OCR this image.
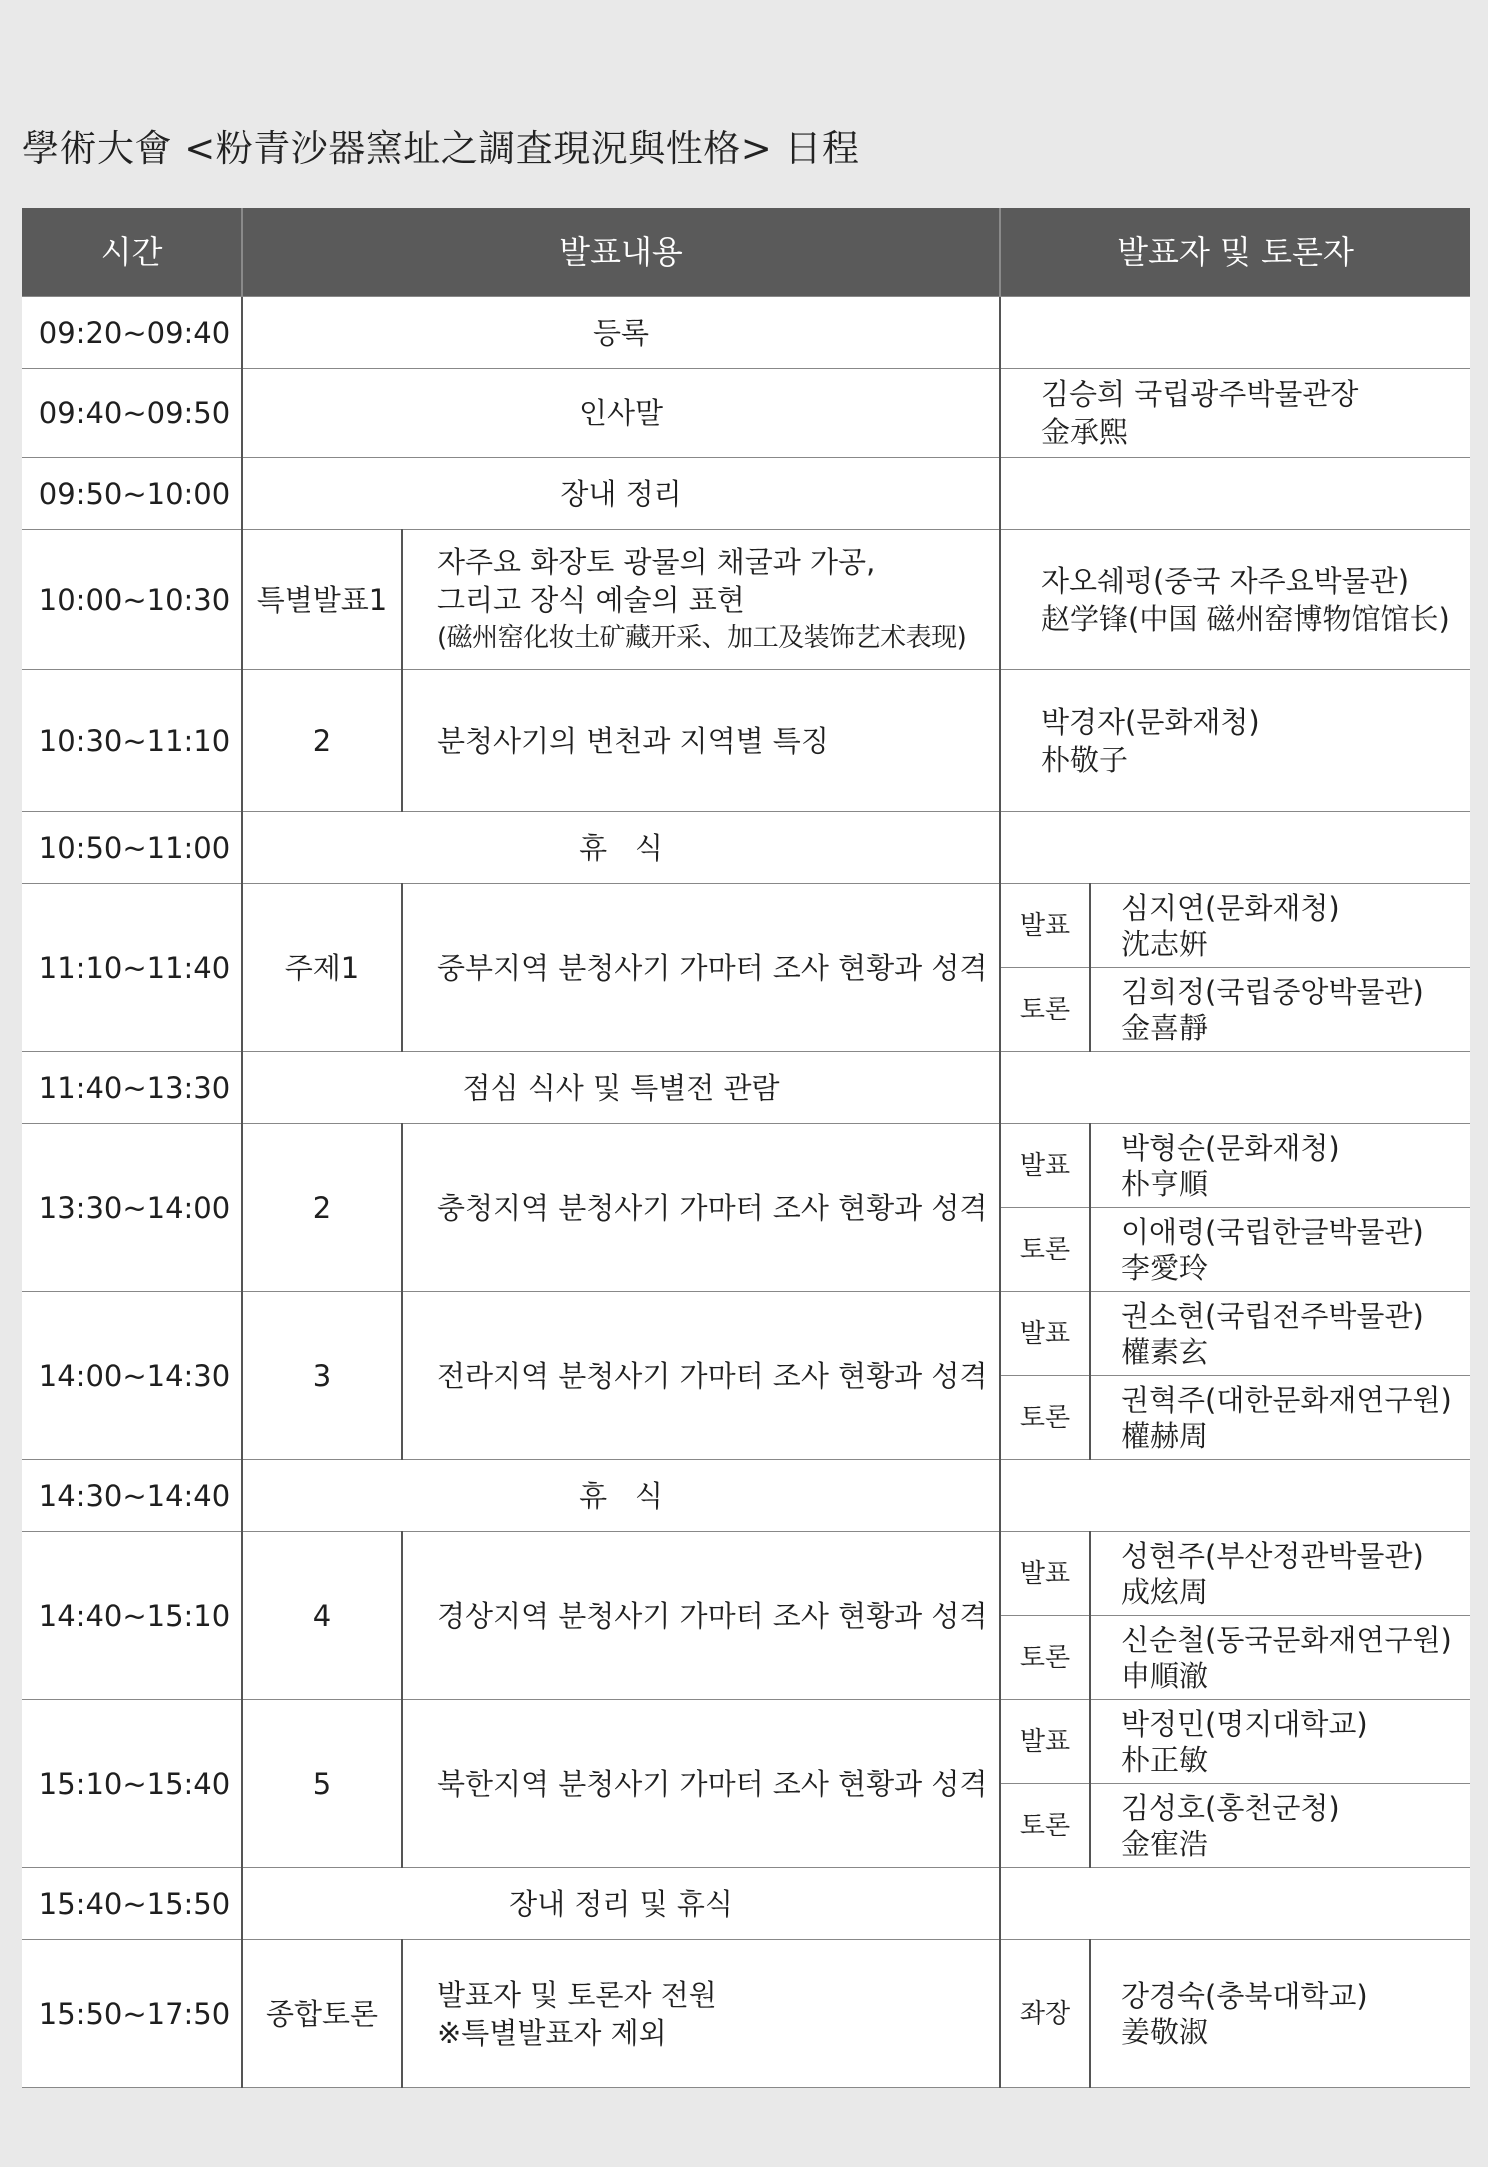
學術大會 <粉青沙器窯址之調査現況與性格> 日程
시간	발표내용		발표자 및 토론자	
09:20~09:40	등록			
09:40~09:50	인사말		김승희 국립광주박물관장
金承熙	

09:50~10:00	장내 정리			
10:00~10:30	특별발표1	자주요 화장토 광물의 채굴과 가공,
그리고 장식 예술의 표현
(磁州窑化妆土矿藏开采、加工及装饰艺术表现)	자오쉐펑(중국 자주요박물관)
赵学锋(中国 磁州窑博物馆馆长)	

10:30~11:10	2	분청사기의 변천과 지역별 특징	박경자(문화재청)
朴敬子	

10:50~11:00	휴   식			
11:10~11:40	주제1	중부지역 분청사기 가마터 조사 현황과 성격	발표	심지연(문화재청)
沈志姸

			토론	김희정(국립중앙박물관)
金喜靜

11:40~13:30	점심 식사 및 특별전 관람			
13:30~14:00	2	충청지역 분청사기 가마터 조사 현황과 성격	발표	박형순(문화재청)
朴亨順

			토론	이애령(국립한글박물관)
李愛玲

14:00~14:30	3	전라지역 분청사기 가마터 조사 현황과 성격	발표	권소현(국립전주박물관)
權素玄

			토론	권혁주(대한문화재연구원)
權赫周

14:30~14:40	휴   식			
14:40~15:10	4	경상지역 분청사기 가마터 조사 현황과 성격	발표	성현주(부산정관박물관)
成炫周

			토론	신순철(동국문화재연구원)
申順澈

15:10~15:40	5	북한지역 분청사기 가마터 조사 현황과 성격	발표	박정민(명지대학교)
朴正敏

			토론	김성호(홍천군청)
金寉浩

15:40~15:50	장내 정리 및 휴식			
15:50~17:50	종합토론	발표자 및 토론자 전원
※특별발표자 제외	좌장	강경숙(충북대학교)
姜敬淑
